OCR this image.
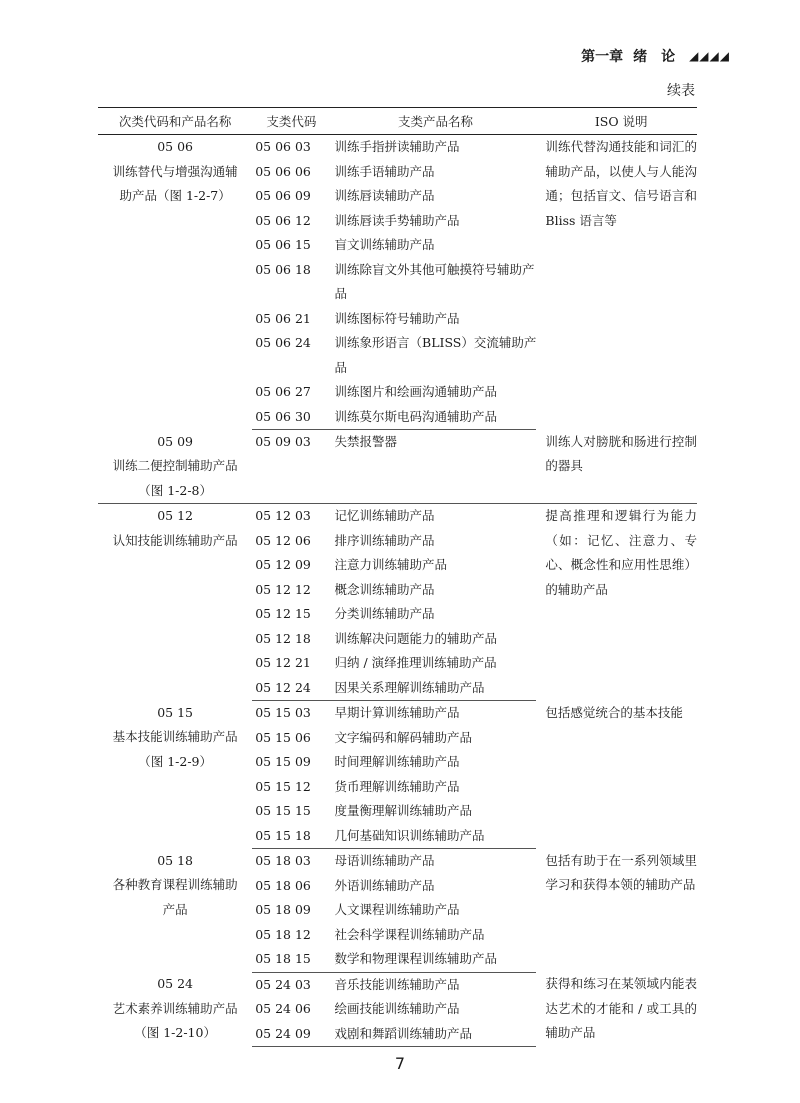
第一章 绪　论 ◢◢◢◢
续表
次类代码和产品名称	支类代码	支类产品名称	ISO 说明

05 06
训练替代与增强沟通辅
助产品（图 1-2-7）	05 06 03	训练手指拼读辅助产品	训练代替沟通技能和词汇的辅助产品，以使人与人能沟通；包括盲文、信号语言和Bliss 语言等
	05 06 06	训练手语辅助产品	
	05 06 09	训练唇读辅助产品	
	05 06 12	训练唇读手势辅助产品	
	05 06 15	盲文训练辅助产品	
	05 06 18	训练除盲文外其他可触摸符号辅助产品	
	05 06 21	训练图标符号辅助产品	
	05 06 24	训练象形语言（BLISS）交流辅助产品	
	05 06 27	训练图片和绘画沟通辅助产品	
	05 06 30	训练莫尔斯电码沟通辅助产品	

05 09
训练二便控制辅助产品
（图 1-2-8）	05 09 03	失禁报警器	训练人对膀胱和肠进行控制的器具

05 12
认知技能训练辅助产品	05 12 03	记忆训练辅助产品	提高推理和逻辑行为能力（如：记忆、注意力、专心、概念性和应用性思维）的辅助产品
	05 12 06	排序训练辅助产品	
	05 12 09	注意力训练辅助产品	
	05 12 12	概念训练辅助产品	
	05 12 15	分类训练辅助产品	
	05 12 18	训练解决问题能力的辅助产品	
	05 12 21	归纳 / 演绎推理训练辅助产品	
	05 12 24	因果关系理解训练辅助产品	

05 15
基本技能训练辅助产品
（图 1-2-9）	05 15 03	早期计算训练辅助产品	包括感觉统合的基本技能
	05 15 06	文字编码和解码辅助产品	
	05 15 09	时间理解训练辅助产品	
	05 15 12	货币理解训练辅助产品	
	05 15 15	度量衡理解训练辅助产品	
	05 15 18	几何基础知识训练辅助产品	

05 18
各种教育课程训练辅助
产品	05 18 03	母语训练辅助产品	包括有助于在一系列领域里学习和获得本领的辅助产品
	05 18 06	外语训练辅助产品	
	05 18 09	人文课程训练辅助产品	
	05 18 12	社会科学课程训练辅助产品	
	05 18 15	数学和物理课程训练辅助产品	

05 24
艺术素养训练辅助产品
（图 1-2-10）	05 24 03	音乐技能训练辅助产品	获得和练习在某领域内能表达艺术的才能和 / 或工具的辅助产品
	05 24 06	绘画技能训练辅助产品	
	05 24 09	戏剧和舞蹈训练辅助产品	
7
